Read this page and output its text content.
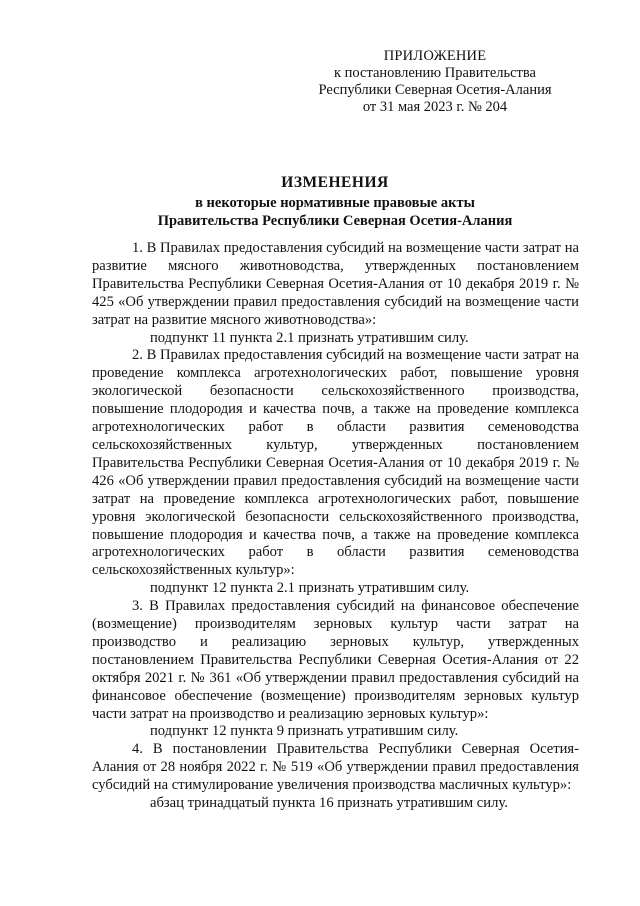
ПРИЛОЖЕНИЕ
к постановлению Правительства
Республики Северная Осетия-Алания
от 31 мая 2023 г. № 204
ИЗМЕНЕНИЯ
в некоторые нормативные правовые акты
Правительства Республики Северная Осетия-Алания

1. В Правилах предоставления субсидий на возмещение части затрат на развитие мясного животноводства, утвержденных постановлением Правительства Республики Северная Осетия-Алания от 10 декабря 2019 г. № 425 «Об утверждении правил предоставления субсидий на возмещение части затрат на развитие мясного животноводства»:

подпункт 11 пункта 2.1 признать утратившим силу.

2. В Правилах предоставления субсидий на возмещение части затрат на проведение комплекса агротехнологических работ, повышение уровня экологической безопасности сельскохозяйственного производства, повышение плодородия и качества почв, а также на проведение комплекса агротехнологических работ в области развития семеноводства сельскохозяйственных культур, утвержденных постановлением Правительства Республики Северная Осетия-Алания от 10 декабря 2019 г. № 426 «Об утверждении правил предоставления субсидий на возмещение части затрат на проведение комплекса агротехнологических работ, повышение уровня экологической безопасности сельскохозяйственного производства, повышение плодородия и качества почв, а также на проведение комплекса агротехнологических работ в области развития семеноводства сельскохозяйственных культур»:

подпункт 12 пункта 2.1 признать утратившим силу.

3. В Правилах предоставления субсидий на финансовое обеспечение (возмещение) производителям зерновых культур части затрат на производство и реализацию зерновых культур, утвержденных постановлением Правительства Республики Северная Осетия-Алания от 22 октября 2021 г. № 361 «Об утверждении правил предоставления субсидий на финансовое обеспечение (возмещение) производителям зерновых культур части затрат на производство и реализацию зерновых культур»:

подпункт 12 пункта 9 признать утратившим силу.

4. В постановлении Правительства Республики Северная Осетия-Алания от 28 ноября 2022 г. № 519 «Об утверждении правил предоставления субсидий на стимулирование увеличения производства масличных культур»:

абзац тринадцатый пункта 16 признать утратившим силу.
